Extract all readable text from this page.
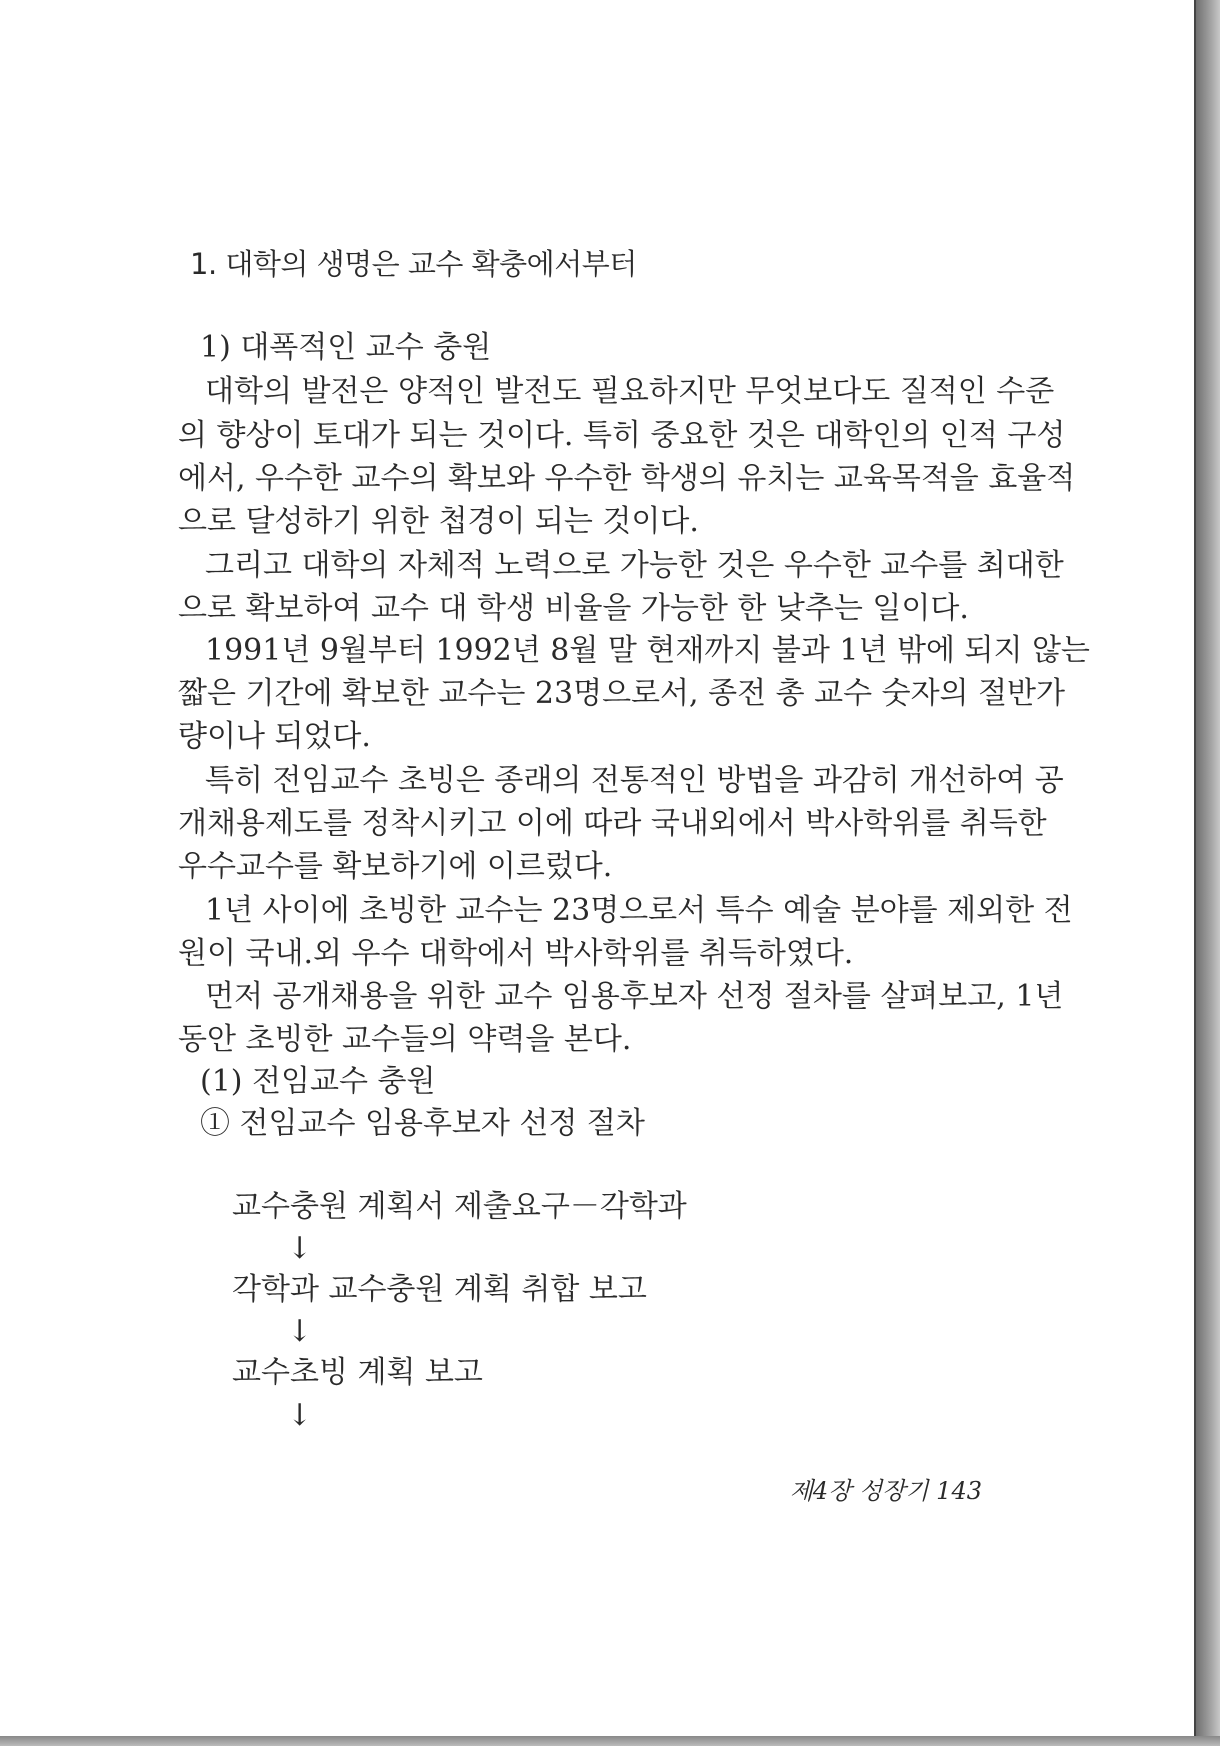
1. 대학의 생명은 교수 확충에서부터
1) 대폭적인 교수 충원
대학의 발전은 양적인 발전도 필요하지만 무엇보다도 질적인 수준
의 향상이 토대가 되는 것이다. 특히 중요한 것은 대학인의 인적 구성
에서, 우수한 교수의 확보와 우수한 학생의 유치는 교육목적을 효율적
으로 달성하기 위한 첩경이 되는 것이다.
그리고 대학의 자체적 노력으로 가능한 것은 우수한 교수를 최대한
으로 확보하여 교수 대 학생 비율을 가능한 한 낮추는 일이다.
1991년 9월부터 1992년 8월 말 현재까지 불과 1년 밖에 되지 않는
짧은 기간에 확보한 교수는 23명으로서, 종전 총 교수 숫자의 절반가
량이나 되었다.
특히 전임교수 초빙은 종래의 전통적인 방법을 과감히 개선하여 공
개채용제도를 정착시키고 이에 따라 국내외에서 박사학위를 취득한
우수교수를 확보하기에 이르렀다.
1년 사이에 초빙한 교수는 23명으로서 특수 예술 분야를 제외한 전
원이 국내.외 우수 대학에서 박사학위를 취득하였다.
먼저 공개채용을 위한 교수 임용후보자 선정 절차를 살펴보고, 1년
동안 초빙한 교수들의 약력을 본다.
(1) 전임교수 충원
① 전임교수 임용후보자 선정 절차
교수충원 계획서 제출요구－각학과
↓
각학과 교수충원 계획 취합 보고
↓
교수초빙 계획 보고
↓
제4장 성장기 143
